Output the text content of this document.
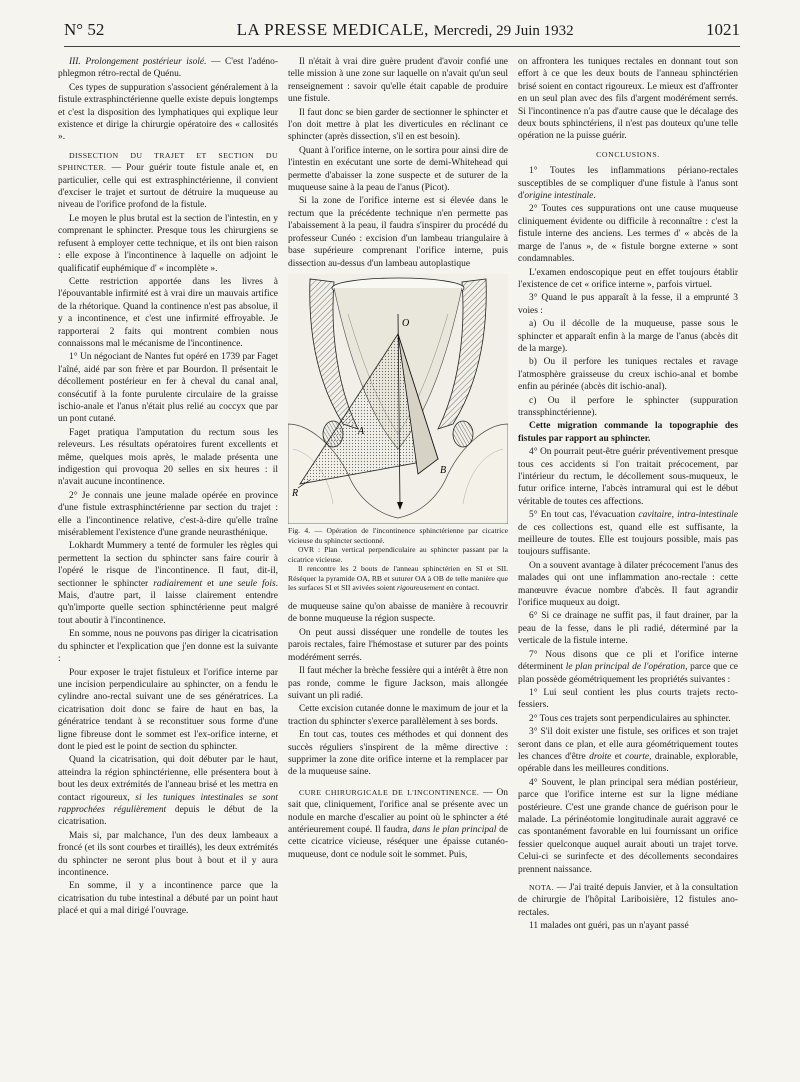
N° 52	LA PRESSE MEDICALE, Mercredi, 29 Juin 1932	1021

III. Prolongement postérieur isolé. — C'est l'adéno-phlegmon rétro-rectal de Quénu.

Ces types de suppuration s'associent généralement à la fistule extrasphinctérienne quelle existe depuis longtemps et c'est la disposition des lymphatiques qui explique leur existence et dirige la chirurgie opératoire des « callosités ».

DISSECTION DU TRAJET ET SECTION DU SPHINCTER. — Pour guérir toute fistule anale et, en particulier, celle qui est extrasphinctérienne, il convient d'exciser le trajet et surtout de détruire la muqueuse au niveau de l'orifice profond de la fistule.

Le moyen le plus brutal est la section de l'intestin, en y comprenant le sphincter. Presque tous les chirurgiens se refusent à employer cette technique, et ils ont bien raison : elle expose à l'incontinence à laquelle on adjoint le qualificatif euphémique d' « incomplète ».

Cette restriction apportée dans les livres à l'épouvantable infirmité est à vrai dire un mauvais artifice de la rhétorique. Quand la continence n'est pas absolue, il y a incontinence, et c'est une infirmité effroyable. Je rapporterai 2 faits qui montrent combien nous connaissons mal le mécanisme de l'incontinence.

1° Un négociant de Nantes fut opéré en 1739 par Faget l'aîné, aidé par son frère et par Bourdon. Il présentait le décollement postérieur en fer à cheval du canal anal, consécutif à la fonte purulente circulaire de la graisse ischio-anale et l'anus n'était plus relié au coccyx que par un pont cutané.

Faget pratiqua l'amputation du rectum sous les releveurs. Les résultats opératoires furent excellents et même, quelques mois après, le malade présenta une indigestion qui provoqua 20 selles en six heures : il n'avait aucune incontinence.

2° Je connais une jeune malade opérée en province d'une fistule extrasphinctérienne par section du trajet : elle a l'incontinence relative, c'est-à-dire qu'elle traîne misérablement l'existence d'une grande neurasthénique.

Lokhardt Mummery a tenté de formuler les règles qui permettent la section du sphincter sans faire courir à l'opéré le risque de l'incontinence. Il faut, dit-il, sectionner le sphincter radiairement et une seule fois. Mais, d'autre part, il laisse clairement entendre qu'n'importe quelle section sphinctérienne peut malgré tout aboutir à l'incontinence.

En somme, nous ne pouvons pas diriger la cicatrisation du sphincter et l'explication que j'en donne est la suivante :

Pour exposer le trajet fistuleux et l'orifice interne par une incision perpendiculaire au sphincter, on a fendu le cylindre ano-rectal suivant une de ses génératrices. La cicatrisation doit donc se faire de haut en bas, la génératrice tendant à se reconstituer sous forme d'une ligne fibreuse dont le sommet est l'ex-orifice interne, et dont le pied est le point de section du sphincter.

Quand la cicatrisation, qui doit débuter par le haut, atteindra la région sphinctérienne, elle présentera bout à bout les deux extrémités de l'anneau brisé et les mettra en contact rigoureux, si les tuniques intestinales se sont rapprochées régulièrement depuis le début de la cicatrisation.

Mais si, par malchance, l'un des deux lambeaux a froncé (et ils sont courbes et tiraillés), les deux extrémités du sphincter ne seront plus bout à bout et il y aura incontinence.

En somme, il y a incontinence parce que la cicatrisation du tube intestinal a débuté par un point haut placé et qui a mal dirigé l'ouvrage.

Il n'était à vrai dire guère prudent d'avoir confié une telle mission à une zone sur laquelle on n'avait qu'un seul renseignement : savoir qu'elle était capable de produire une fistule.

Il faut donc se bien garder de sectionner le sphincter et l'on doit mettre à plat les diverticules en réclinant ce sphincter (après dissection, s'il en est besoin).

Quant à l'orifice interne, on le sortira pour ainsi dire de l'intestin en exécutant une sorte de demi-Whitehead qui permette d'abaisser la zone suspecte et de suturer de la muqueuse saine à la peau de l'anus (Picot).

Si la zone de l'orifice interne est si élevée dans le rectum que la précédente technique n'en permette pas l'abaissement à la peau, il faudra s'inspirer du procédé du professeur Cunéo : excision d'un lambeau triangulaire à base supérieure comprenant l'orifice interne, puis dissection au-dessus d'un lambeau autoplastique

O
A
B
R

Fig. 4. — Opération de l'incontinence sphinctérienne par cicatrice vicieuse du sphincter sectionné.

OVR : Plan vertical perpendiculaire au sphincter passant par la cicatrice vicieuse.

Il rencontre les 2 bouts de l'anneau sphinctérien en SI et SII. Réséquer la pyramide OA, RB et suturer OA à OB de telle manière que les surfaces SI et SII avivées soient rigoureusement en contact.

de muqueuse saine qu'on abaisse de manière à recouvrir de bonne muqueuse la région suspecte.

On peut aussi disséquer une rondelle de toutes les parois rectales, faire l'hémostase et suturer par des points modérément serrés.

Il faut mécher la brèche fessière qui a intérêt à être non pas ronde, comme le figure Jackson, mais allongée suivant un pli radié.

Cette excision cutanée donne le maximum de jour et la traction du sphincter s'exerce parallèlement à ses bords.

En tout cas, toutes ces méthodes et qui donnent des succès réguliers s'inspirent de la même directive : supprimer la zone dite orifice interne et la remplacer par de la muqueuse saine.

CURE CHIRURGICALE DE L'INCONTINENCE. — On sait que, cliniquement, l'orifice anal se présente avec un nodule en marche d'escalier au point où le sphincter a été antérieurement coupé. Il faudra, dans le plan principal de cette cicatrice vicieuse, réséquer une épaisse cutanéo-muqueuse, dont ce nodule soit le sommet. Puis,

on affrontera les tuniques rectales en donnant tout son effort à ce que les deux bouts de l'anneau sphinctérien brisé soient en contact rigoureux. Le mieux est d'affronter en un seul plan avec des fils d'argent modérément serrés. Si l'incontinence n'a pas d'autre cause que le décalage des deux bouts sphinctériens, il n'est pas douteux qu'une telle opération ne la puisse guérir.

CONCLUSIONS.

1° Toutes les inflammations périano-rectales susceptibles de se compliquer d'une fistule à l'anus sont d'origine intestinale.

2° Toutes ces suppurations ont une cause muqueuse cliniquement évidente ou difficile à reconnaître : c'est la fistule interne des anciens. Les termes d' « abcès de la marge de l'anus », de « fistule borgne externe » sont condamnables.

L'examen endoscopique peut en effet toujours établir l'existence de cet « orifice interne », parfois virtuel.

3° Quand le pus apparaît à la fesse, il a emprunté 3 voies :

a) Ou il décolle de la muqueuse, passe sous le sphincter et apparaît enfin à la marge de l'anus (abcès dit de la marge).

b) Ou il perfore les tuniques rectales et ravage l'atmosphère graisseuse du creux ischio-anal et bombe enfin au périnée (abcès dit ischio-anal).

c) Ou il perfore le sphincter (suppuration transsphinctérienne).

Cette migration commande la topographie des fistules par rapport au sphincter.

4° On pourrait peut-être guérir préventivement presque tous ces accidents si l'on traitait précocement, par l'intérieur du rectum, le décollement sous-muqueux, le futur orifice interne, l'abcès intramural qui est le début véritable de toutes ces affections.

5° En tout cas, l'évacuation cavitaire, intra-intestinale de ces collections est, quand elle est suffisante, la meilleure de toutes. Elle est toujours possible, mais pas toujours suffisante.

On a souvent avantage à dilater précocement l'anus des malades qui ont une inflammation ano-rectale : cette manœuvre évacue nombre d'abcès. Il faut agrandir l'orifice muqueux au doigt.

6° Si ce drainage ne suffit pas, il faut drainer, par la peau de la fesse, dans le pli radié, déterminé par la verticale de la fistule interne.

7° Nous disons que ce pli et l'orifice interne déterminent le plan principal de l'opération, parce que ce plan possède géométriquement les propriétés suivantes :

1° Lui seul contient les plus courts trajets recto-fessiers.

2° Tous ces trajets sont perpendiculaires au sphincter.

3° S'il doit exister une fistule, ses orifices et son trajet seront dans ce plan, et elle aura géométriquement toutes les chances d'être droite et courte, drainable, explorable, opérable dans les meilleures conditions.

4° Souvent, le plan principal sera médian postérieur, parce que l'orifice interne est sur la ligne médiane postérieure. C'est une grande chance de guérison pour le malade. La périnéotomie longitudinale aurait aggravé ce cas spontanément favorable en lui fournissant un orifice fessier quelconque auquel aurait abouti un trajet torve. Celui-ci se surinfecte et des décollements secondaires prennent naissance.

NOTA. — J'ai traité depuis Janvier, et à la consultation de chirurgie de l'hôpital Lariboisière, 12 fistules ano-rectales.

11 malades ont guéri, pas un n'ayant passé
